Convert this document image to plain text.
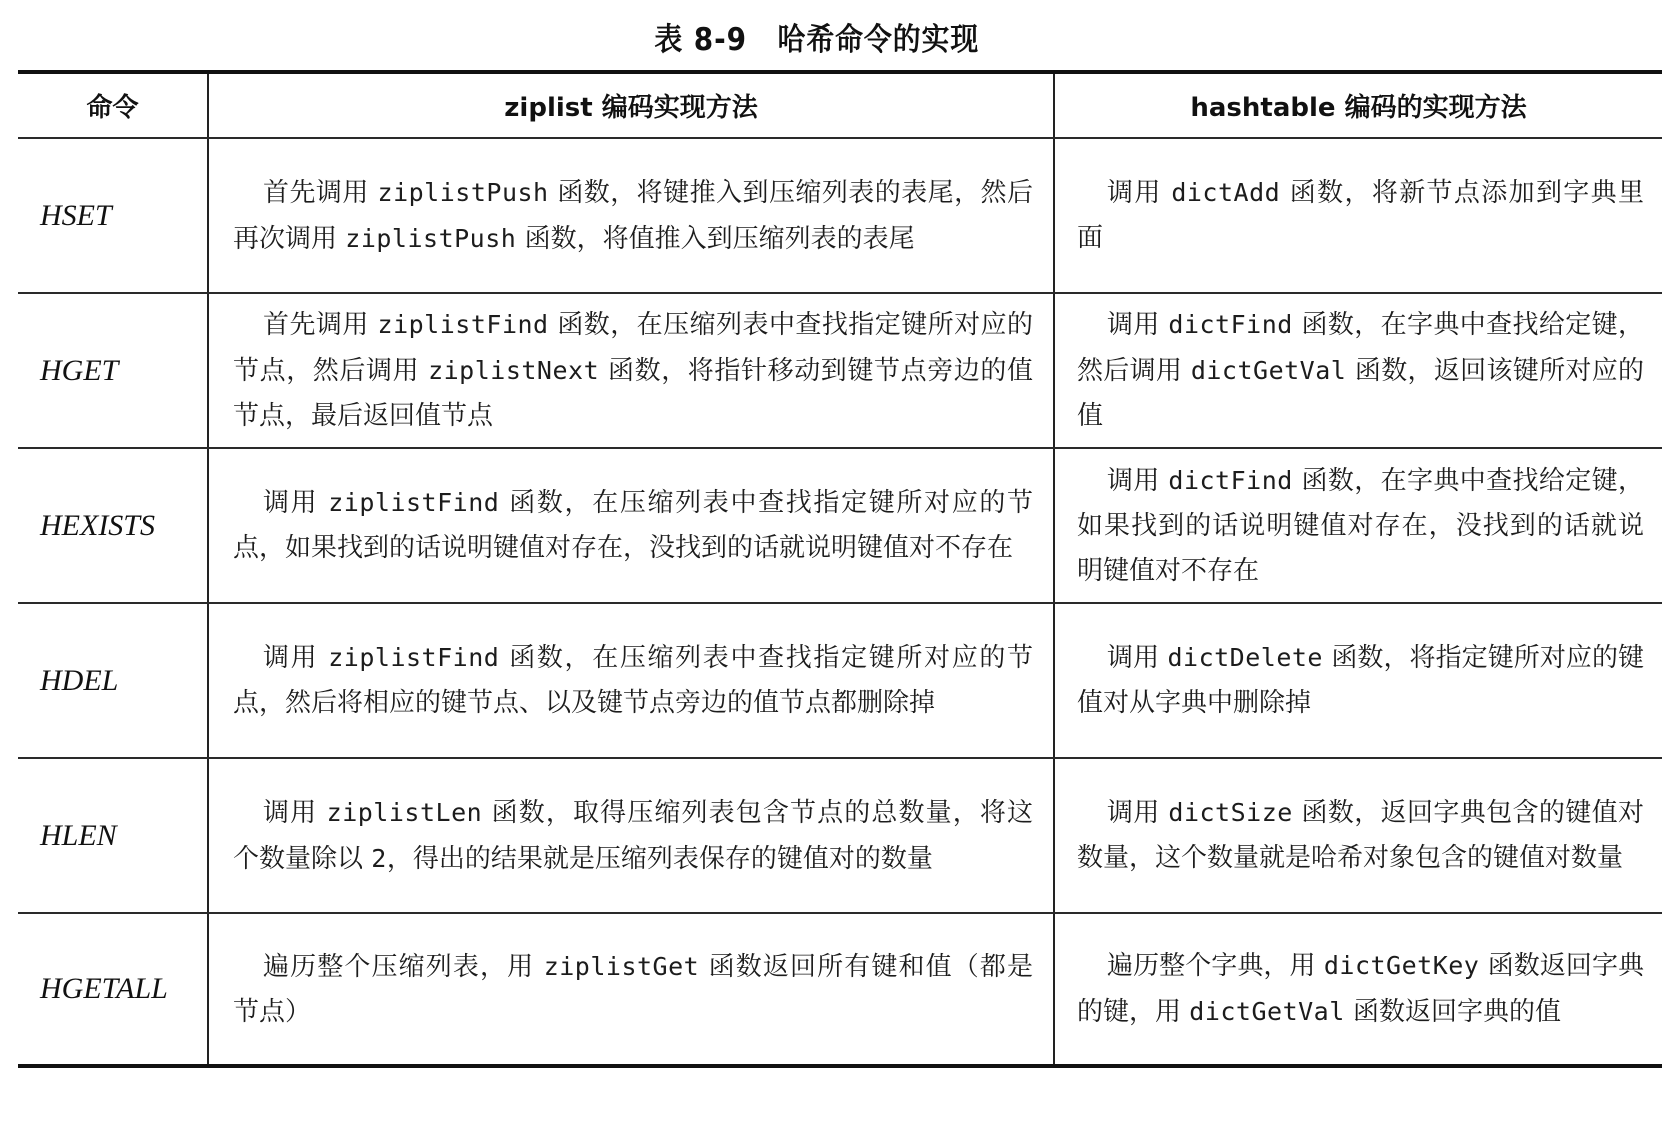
表 8-9 哈希命令的实现
命令	ziplist 编码实现方法	hashtable 编码的实现方法
HSET	首先调用 ziplistPush 函数，将键推入到压缩列表的表尾，然后再次调用 ziplistPush 函数，将值推入到压缩列表的表尾	调用 dictAdd 函数，将新节点添加到字典里面

HGET	首先调用 ziplistFind 函数，在压缩列表中查找指定键所对应的节点，然后调用 ziplistNext 函数，将指针移动到键节点旁边的值节点，最后返回值节点	调用 dictFind 函数，在字典中查找给定键，然后调用 dictGetVal 函数，返回该键所对应的值

HEXISTS	调用 ziplistFind 函数，在压缩列表中查找指定键所对应的节点，如果找到的话说明键值对存在，没找到的话就说明键值对不存在	调用 dictFind 函数，在字典中查找给定键，如果找到的话说明键值对存在，没找到的话就说明键值对不存在

HDEL	调用 ziplistFind 函数，在压缩列表中查找指定键所对应的节点，然后将相应的键节点、以及键节点旁边的值节点都删除掉	调用 dictDelete 函数，将指定键所对应的键值对从字典中删除掉

HLEN	调用 ziplistLen 函数，取得压缩列表包含节点的总数量，将这个数量除以 2，得出的结果就是压缩列表保存的键值对的数量	调用 dictSize 函数，返回字典包含的键值对数量，这个数量就是哈希对象包含的键值对数量

HGETALL	遍历整个压缩列表，用 ziplistGet 函数返回所有键和值（都是节点）	遍历整个字典，用 dictGetKey 函数返回字典的键，用 dictGetVal 函数返回字典的值
